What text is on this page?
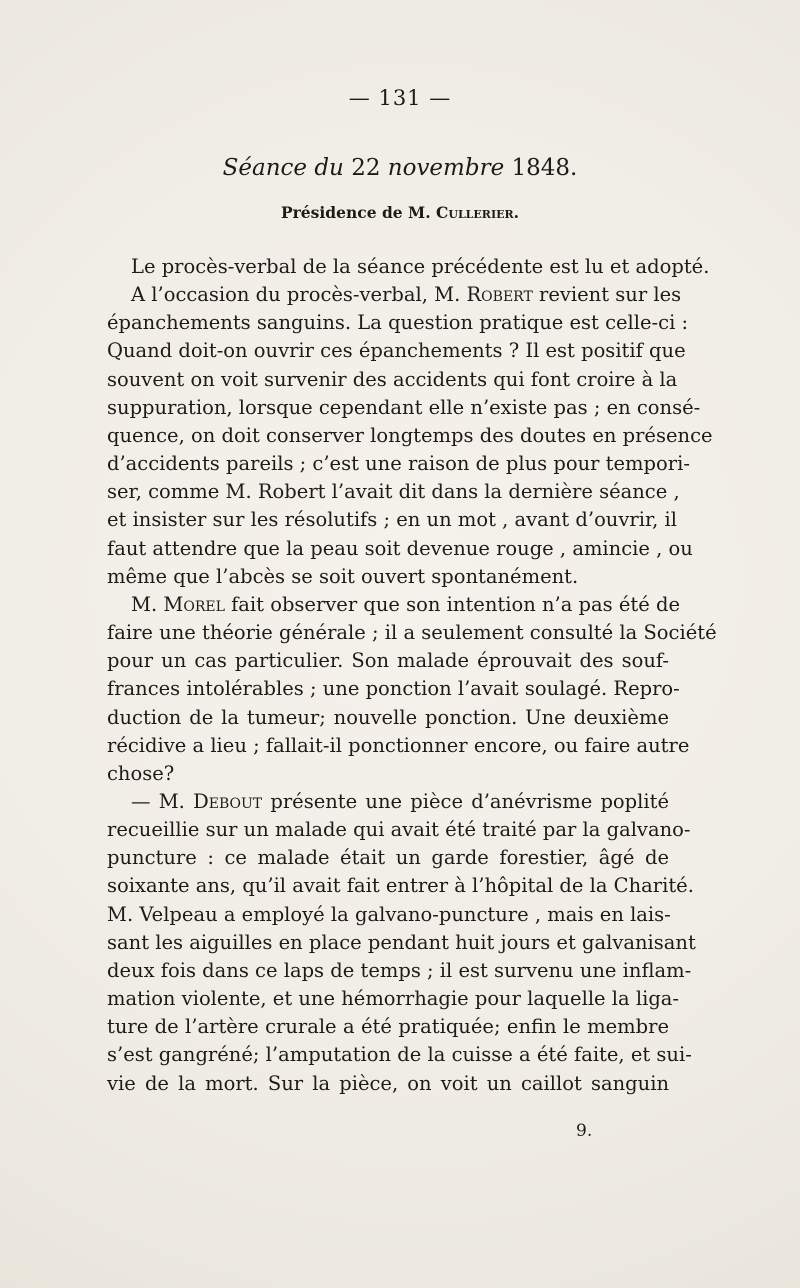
— 131 —
Séance du 22 novembre 1848.
Présidence de M. Cullerier.
Le procès-verbal de la séance précédente est lu et adopté.
A l’occasion du procès-verbal, M. Robert revient sur les
épanchements sanguins. La question pratique est celle-ci :
Quand doit-on ouvrir ces épanchements ? Il est positif que
souvent on voit survenir des accidents qui font croire à la
suppuration, lorsque cependant elle n’existe pas ; en consé-
quence, on doit conserver longtemps des doutes en présence
d’accidents pareils ; c’est une raison de plus pour tempori-
ser, comme M. Robert l’avait dit dans la dernière séance ,
et insister sur les résolutifs ; en un mot , avant d’ouvrir, il
faut attendre que la peau soit devenue rouge , amincie , ou
même que l’abcès se soit ouvert spontanément.
M. Morel fait observer que son intention n’a pas été de
faire une théorie générale ; il a seulement consulté la Société
pour un cas particulier. Son malade éprouvait des souf-
frances intolérables ; une ponction l’avait soulagé. Repro-
duction de la tumeur; nouvelle ponction. Une deuxième
récidive a lieu ; fallait-il ponctionner encore, ou faire autre
chose?
— M. Debout présente une pièce d’anévrisme poplité
recueillie sur un malade qui avait été traité par la galvano-
puncture : ce malade était un garde forestier, âgé de
soixante ans, qu’il avait fait entrer à l’hôpital de la Charité.
M. Velpeau a employé la galvano-puncture , mais en lais-
sant les aiguilles en place pendant huit jours et galvanisant
deux fois dans ce laps de temps ; il est survenu une inflam-
mation violente, et une hémorrhagie pour laquelle la liga-
ture de l’artère crurale a été pratiquée; enfin le membre
s’est gangréné; l’amputation de la cuisse a été faite, et sui-
vie de la mort. Sur la pièce, on voit un caillot sanguin
9.
